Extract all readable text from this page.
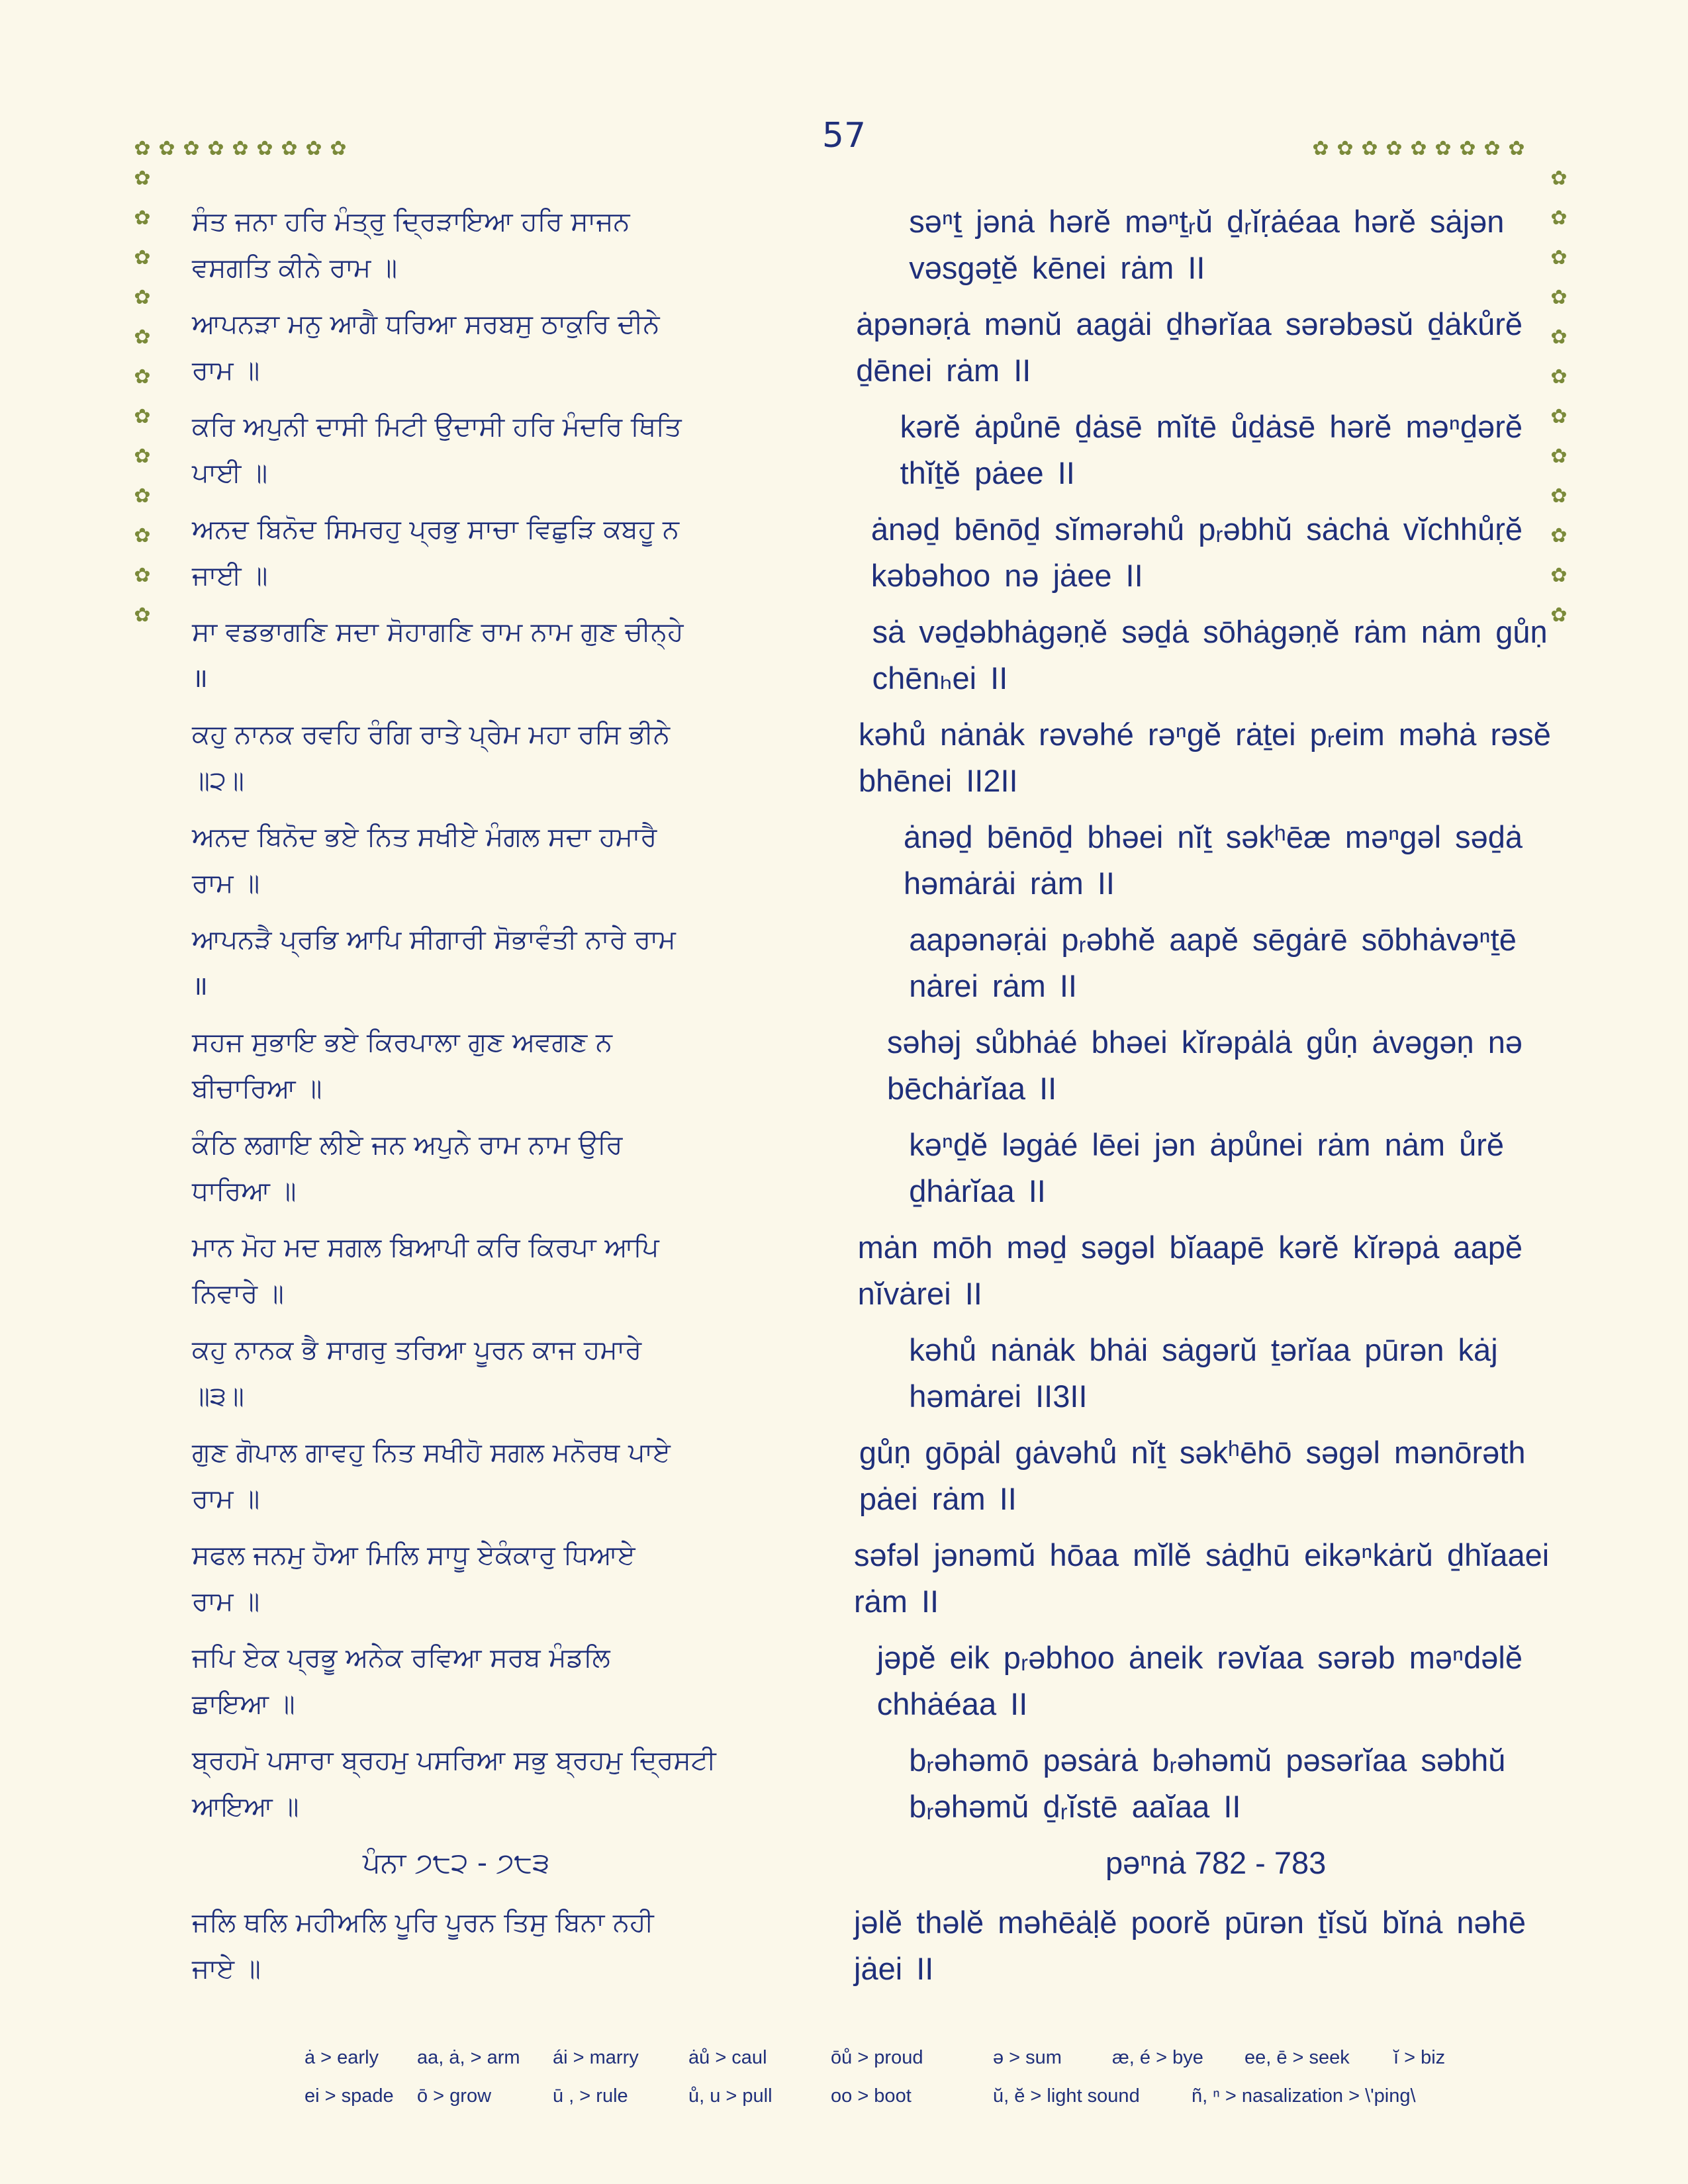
57
✿ ✿ ✿ ✿ ✿ ✿ ✿ ✿ ✿	✿ ✿ ✿ ✿ ✿ ✿ ✿ ✿ ✿
✿
✿
✿
✿
✿
✿
✿
✿
✿
✿
✿
✿
✿
✿
✿
✿
✿
✿
✿
✿
✿
✿
✿
✿
ਸੰਤ ਜਨਾ ਹਰਿ ਮੰਤ੍ਰੁ ਦ੍ਰਿੜਾਇਆ ਹਰਿ ਸਾਜਨ
ਵਸਗਤਿ ਕੀਨੇ ਰਾਮ ॥
səⁿṯ jənȧ hərĕ məⁿṯᵣŭ ḏᵣĭṛȧéaa hərĕ sȧjən
vəsgəṯĕ kēnei rȧm II
ਆਪਨੜਾ ਮਨੁ ਆਗੈ ਧਰਿਆ ਸਰਬਸੁ ਠਾਕੁਰਿ ਦੀਨੇ
ਰਾਮ ॥
ȧpənəṛȧ mənŭ aagȧi ḏhərĭaa sərəbəsŭ ḏȧkůrĕ
ḏēnei rȧm II
ਕਰਿ ਅਪੁਨੀ ਦਾਸੀ ਮਿਟੀ ਉਦਾਸੀ ਹਰਿ ਮੰਦਰਿ ਥਿਤਿ
ਪਾਈ ॥
kərĕ ȧpůnē ḏȧsē mĭtē ůḏȧsē hərĕ məⁿḏərĕ
thĭṯĕ pȧee II
ਅਨਦ ਬਿਨੋਦ ਸਿਮਰਹੁ ਪ੍ਰਭੁ ਸਾਚਾ ਵਿਛੁੜਿ ਕਬਹੂ ਨ
ਜਾਈ ॥
ȧnəḏ bēnōḏ sĭmərəhů pᵣəbhŭ sȧchȧ vĭchhůṛĕ
kəbəhoo nə jȧee II
ਸਾ ਵਡਭਾਗਣਿ ਸਦਾ ਸੋਹਾਗਣਿ ਰਾਮ ਨਾਮ ਗੁਣ ਚੀਨ੍ਹੇ
॥
sȧ vəḏəbhȧgəṇĕ səḏȧ sōhȧgəṇĕ rȧm nȧm gůṇ
chēnₕei II
ਕਹੁ ਨਾਨਕ ਰਵਹਿ ਰੰਗਿ ਰਾਤੇ ਪ੍ਰੇਮ ਮਹਾ ਰਸਿ ਭੀਨੇ
॥੨॥
kəhů nȧnȧk rəvəhé rəⁿgĕ rȧṯei pᵣeim məhȧ rəsĕ
bhēnei II2II
ਅਨਦ ਬਿਨੋਦ ਭਏ ਨਿਤ ਸਖੀਏ ਮੰਗਲ ਸਦਾ ਹਮਾਰੈ
ਰਾਮ ॥
ȧnəḏ bēnōḏ bhəei nĭṯ səkʰēæ məⁿgəl səḏȧ
həmȧrȧi rȧm II
ਆਪਨੜੈ ਪ੍ਰਭਿ ਆਪਿ ਸੀਗਾਰੀ ਸੋਭਾਵੰਤੀ ਨਾਰੇ ਰਾਮ
॥
aapənəṛȧi pᵣəbhĕ aapĕ sēgȧrē sōbhȧvəⁿṯē
nȧrei rȧm II
ਸਹਜ ਸੁਭਾਇ ਭਏ ਕਿਰਪਾਲਾ ਗੁਣ ਅਵਗਣ ਨ
ਬੀਚਾਰਿਆ ॥
səhəj sůbhȧé bhəei kĭrəpȧlȧ gůṇ ȧvəgəṇ nə
bēchȧrĭaa II
ਕੰਠਿ ਲਗਾਇ ਲੀਏ ਜਨ ਅਪੁਨੇ ਰਾਮ ਨਾਮ ਉਰਿ
ਧਾਰਿਆ ॥
kəⁿḏĕ ləgȧé lēei jən ȧpůnei rȧm nȧm ůrĕ
ḏhȧrĭaa II
ਮਾਨ ਮੋਹ ਮਦ ਸਗਲ ਬਿਆਪੀ ਕਰਿ ਕਿਰਪਾ ਆਪਿ
ਨਿਵਾਰੇ ॥
mȧn mōh məḏ səgəl bĭaapē kərĕ kĭrəpȧ aapĕ
nĭvȧrei II
ਕਹੁ ਨਾਨਕ ਭੈ ਸਾਗਰੁ ਤਰਿਆ ਪੂਰਨ ਕਾਜ ਹਮਾਰੇ
॥੩॥
kəhů nȧnȧk bhȧi sȧgərŭ ṯərĭaa pūrən kȧj
həmȧrei II3II
ਗੁਣ ਗੋਪਾਲ ਗਾਵਹੁ ਨਿਤ ਸਖੀਹੋ ਸਗਲ ਮਨੋਰਥ ਪਾਏ
ਰਾਮ ॥
gůṇ gōpȧl gȧvəhů nĭṯ səkʰēhō səgəl mənōrəth
pȧei rȧm II
ਸਫਲ ਜਨਮੁ ਹੋਆ ਮਿਲਿ ਸਾਧੂ ਏਕੰਕਾਰੁ ਧਿਆਏ
ਰਾਮ ॥
səfəl jənəmŭ hōaa mĭlĕ sȧḏhū eikəⁿkȧrŭ ḏhĭaaei
rȧm II
ਜਪਿ ਏਕ ਪ੍ਰਭੂ ਅਨੇਕ ਰਵਿਆ ਸਰਬ ਮੰਡਲਿ
ਛਾਇਆ ॥
jəpĕ eik pᵣəbhoo ȧneik rəvĭaa sərəb məⁿdəlĕ
chhȧéaa II
ਬ੍ਰਹਮੋ ਪਸਾਰਾ ਬ੍ਰਹਮੁ ਪਸਰਿਆ ਸਭੁ ਬ੍ਰਹਮੁ ਦ੍ਰਿਸਟੀ
ਆਇਆ ॥
bᵣəhəmō pəsȧrȧ bᵣəhəmŭ pəsərĭaa səbhŭ
bᵣəhəmŭ ḏᵣĭstē aaĭaa II
ਪੰਨਾ ੭੮੨ - ੭੮੩	pəⁿnȧ 782 - 783
ਜਲਿ ਥਲਿ ਮਹੀਅਲਿ ਪੂਰਿ ਪੂਰਨ ਤਿਸੁ ਬਿਨਾ ਨਹੀ
ਜਾਏ ॥
jəlĕ thəlĕ məhēȧḷĕ poorĕ pūrən ṯĭsŭ bĭnȧ nəhē
jȧei II
ȧ > early	aa, ȧ, > arm	ái > marry	ȧů > caul	ōů > proud	ə > sum	æ, é > bye	ee, ē > seek	ĭ > biz
ei > spade	ō > grow	ū , > rule	ů, u > pull	oo > boot	ŭ, ĕ > light sound	ñ, ⁿ > nasalization > \'ping\
